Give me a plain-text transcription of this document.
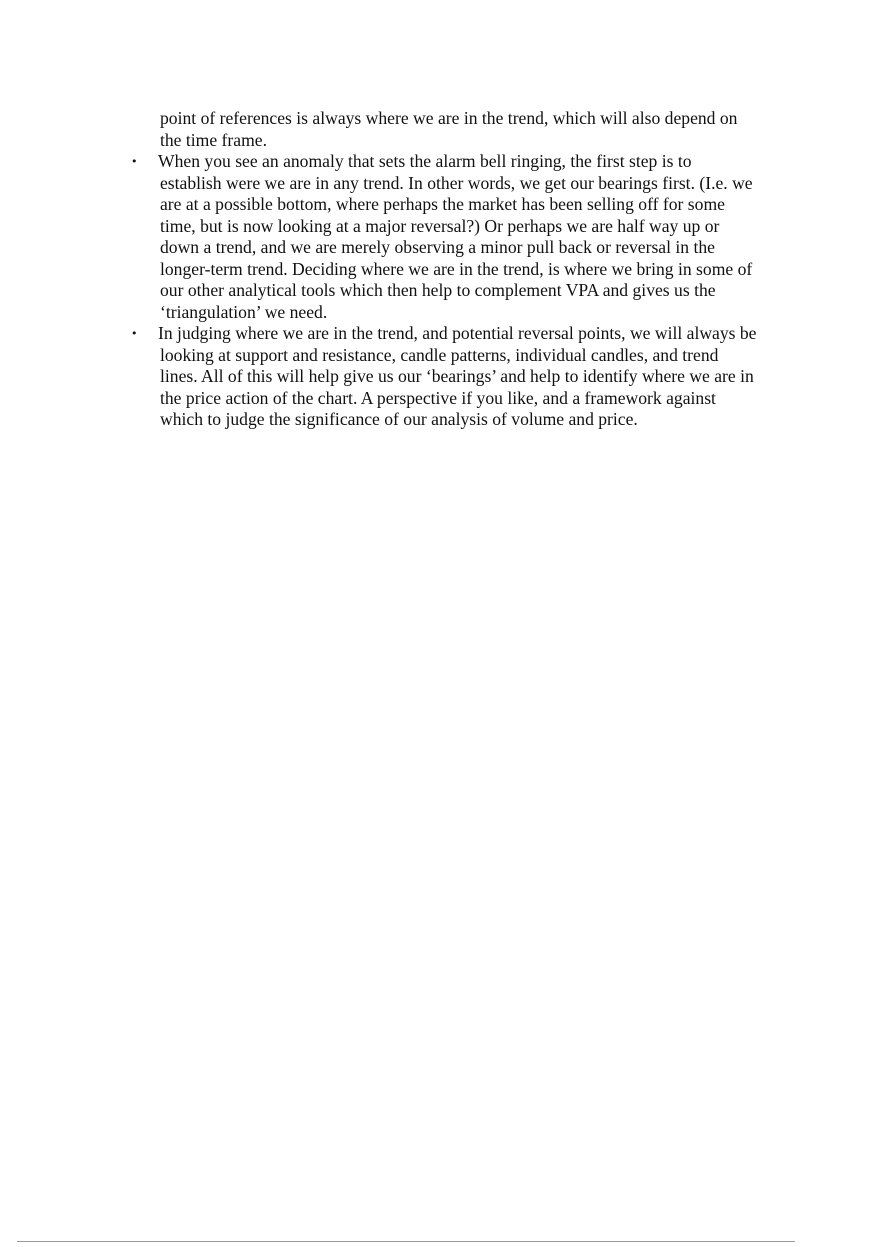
point of references is always where we are in the trend, which will also depend on
the time frame.
• When you see an anomaly that sets the alarm bell ringing, the first step is to
establish were we are in any trend. In other words, we get our bearings first. (I.e. we
are at a possible bottom, where perhaps the market has been selling off for some
time, but is now looking at a major reversal?) Or perhaps we are half way up or
down a trend, and we are merely observing a minor pull back or reversal in the
longer-term trend. Deciding where we are in the trend, is where we bring in some of
our other analytical tools which then help to complement VPA and gives us the
‘triangulation’ we need.
• In judging where we are in the trend, and potential reversal points, we will always be
looking at support and resistance, candle patterns, individual candles, and trend
lines. All of this will help give us our ‘bearings’ and help to identify where we are in
the price action of the chart. A perspective if you like, and a framework against
which to judge the significance of our analysis of volume and price.
